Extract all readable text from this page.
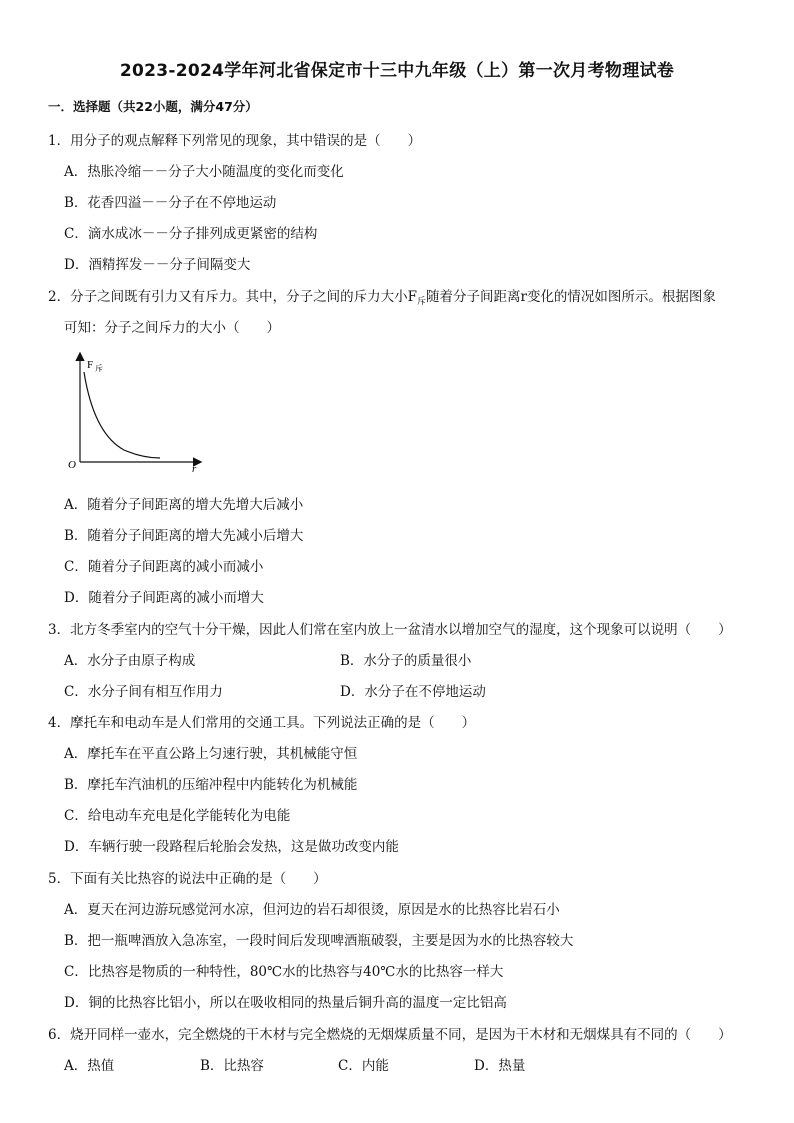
2023-2024学年河北省保定市十三中九年级（上）第一次月考物理试卷
一．选择题（共22小题，满分47分）
1．用分子的观点解释下列常见的现象，其中错误的是（　　）
A．热胀冷缩－－分子大小随温度的变化而变化
B．花香四溢－－分子在不停地运动
C．滴水成冰－－分子排列成更紧密的结构
D．酒精挥发－－分子间隔变大
2．分子之间既有引力又有斥力。其中，分子之间的斥力大小$F_斥$随着分子间距离r变化的情况如图所示。根据图象
可知：分子之间斥力的大小（　　）
F 斥
O	r
A．随着分子间距离的增大先增大后减小
B．随着分子间距离的增大先减小后增大
C．随着分子间距离的减小而减小
D．随着分子间距离的减小而增大
3．北方冬季室内的空气十分干燥，因此人们常在室内放上一盆清水以增加空气的湿度，这个现象可以说明（　　）
A．水分子由原子构成	B．水分子的质量很小
C．水分子间有相互作用力	D．水分子在不停地运动
4．摩托车和电动车是人们常用的交通工具。下列说法正确的是（　　）
A．摩托车在平直公路上匀速行驶，其机械能守恒
B．摩托车汽油机的压缩冲程中内能转化为机械能
C．给电动车充电是化学能转化为电能
D．车辆行驶一段路程后轮胎会发热，这是做功改变内能
5．下面有关比热容的说法中正确的是（　　）
A．夏天在河边游玩感觉河水凉，但河边的岩石却很烫，原因是水的比热容比岩石小
B．把一瓶啤酒放入急冻室，一段时间后发现啤酒瓶破裂，主要是因为水的比热容较大
C．比热容是物质的一种特性，80℃水的比热容与40℃水的比热容一样大
D．铜的比热容比铝小，所以在吸收相同的热量后铜升高的温度一定比铝高
6．烧开同样一壶水，完全燃烧的干木材与完全燃烧的无烟煤质量不同，是因为干木材和无烟煤具有不同的（　　）
A．热值	B．比热容	C．内能	D．热量
